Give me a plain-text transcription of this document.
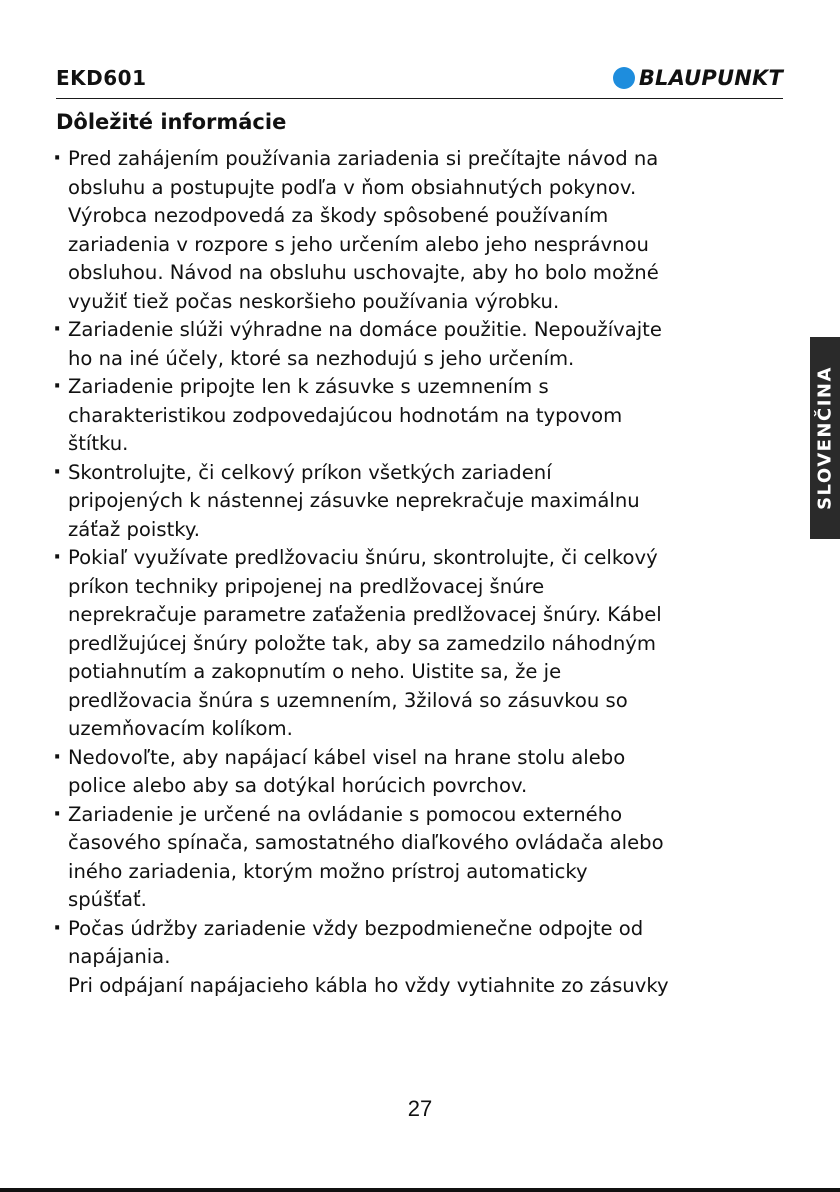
EKD601	BLAUPUNKT
Dôležité informácie
· Pred zahájením používania zariadenia si prečítajte návod na
obsluhu a postupujte podľa v ňom obsiahnutých pokynov.
Výrobca nezodpovedá za škody spôsobené používaním
zariadenia v rozpore s jeho určením alebo jeho nesprávnou
obsluhou. Návod na obsluhu uschovajte, aby ho bolo možné
využiť tiež počas neskoršieho používania výrobku.
· Zariadenie slúži výhradne na domáce použitie. Nepoužívajte
ho na iné účely, ktoré sa nezhodujú s jeho určením.
· Zariadenie pripojte len k zásuvke s uzemnením s
charakteristikou zodpovedajúcou hodnotám na typovom
štítku.
· Skontrolujte, či celkový príkon všetkých zariadení
pripojených k nástennej zásuvke neprekračuje maximálnu
záťaž poistky.
· Pokiaľ využívate predlžovaciu šnúru, skontrolujte, či celkový
príkon techniky pripojenej na predlžovacej šnúre
neprekračuje parametre zaťaženia predlžovacej šnúry. Kábel
predlžujúcej šnúry položte tak, aby sa zamedzilo náhodným
potiahnutím a zakopnutím o neho. Uistite sa, že je
predlžovacia šnúra s uzemnením, 3žilová so zásuvkou so
uzemňovacím kolíkom.
· Nedovoľte, aby napájací kábel visel na hrane stolu alebo
police alebo aby sa dotýkal horúcich povrchov.
· Zariadenie je určené na ovládanie s pomocou externého
časového spínača, samostatného diaľkového ovládača alebo
iného zariadenia, ktorým možno prístroj automaticky
spúšťať.
· Počas údržby zariadenie vždy bezpodmienečne odpojte od
napájania.
Pri odpájaní napájacieho kábla ho vždy vytiahnite zo zásuvky
SLOVENČINA
27
